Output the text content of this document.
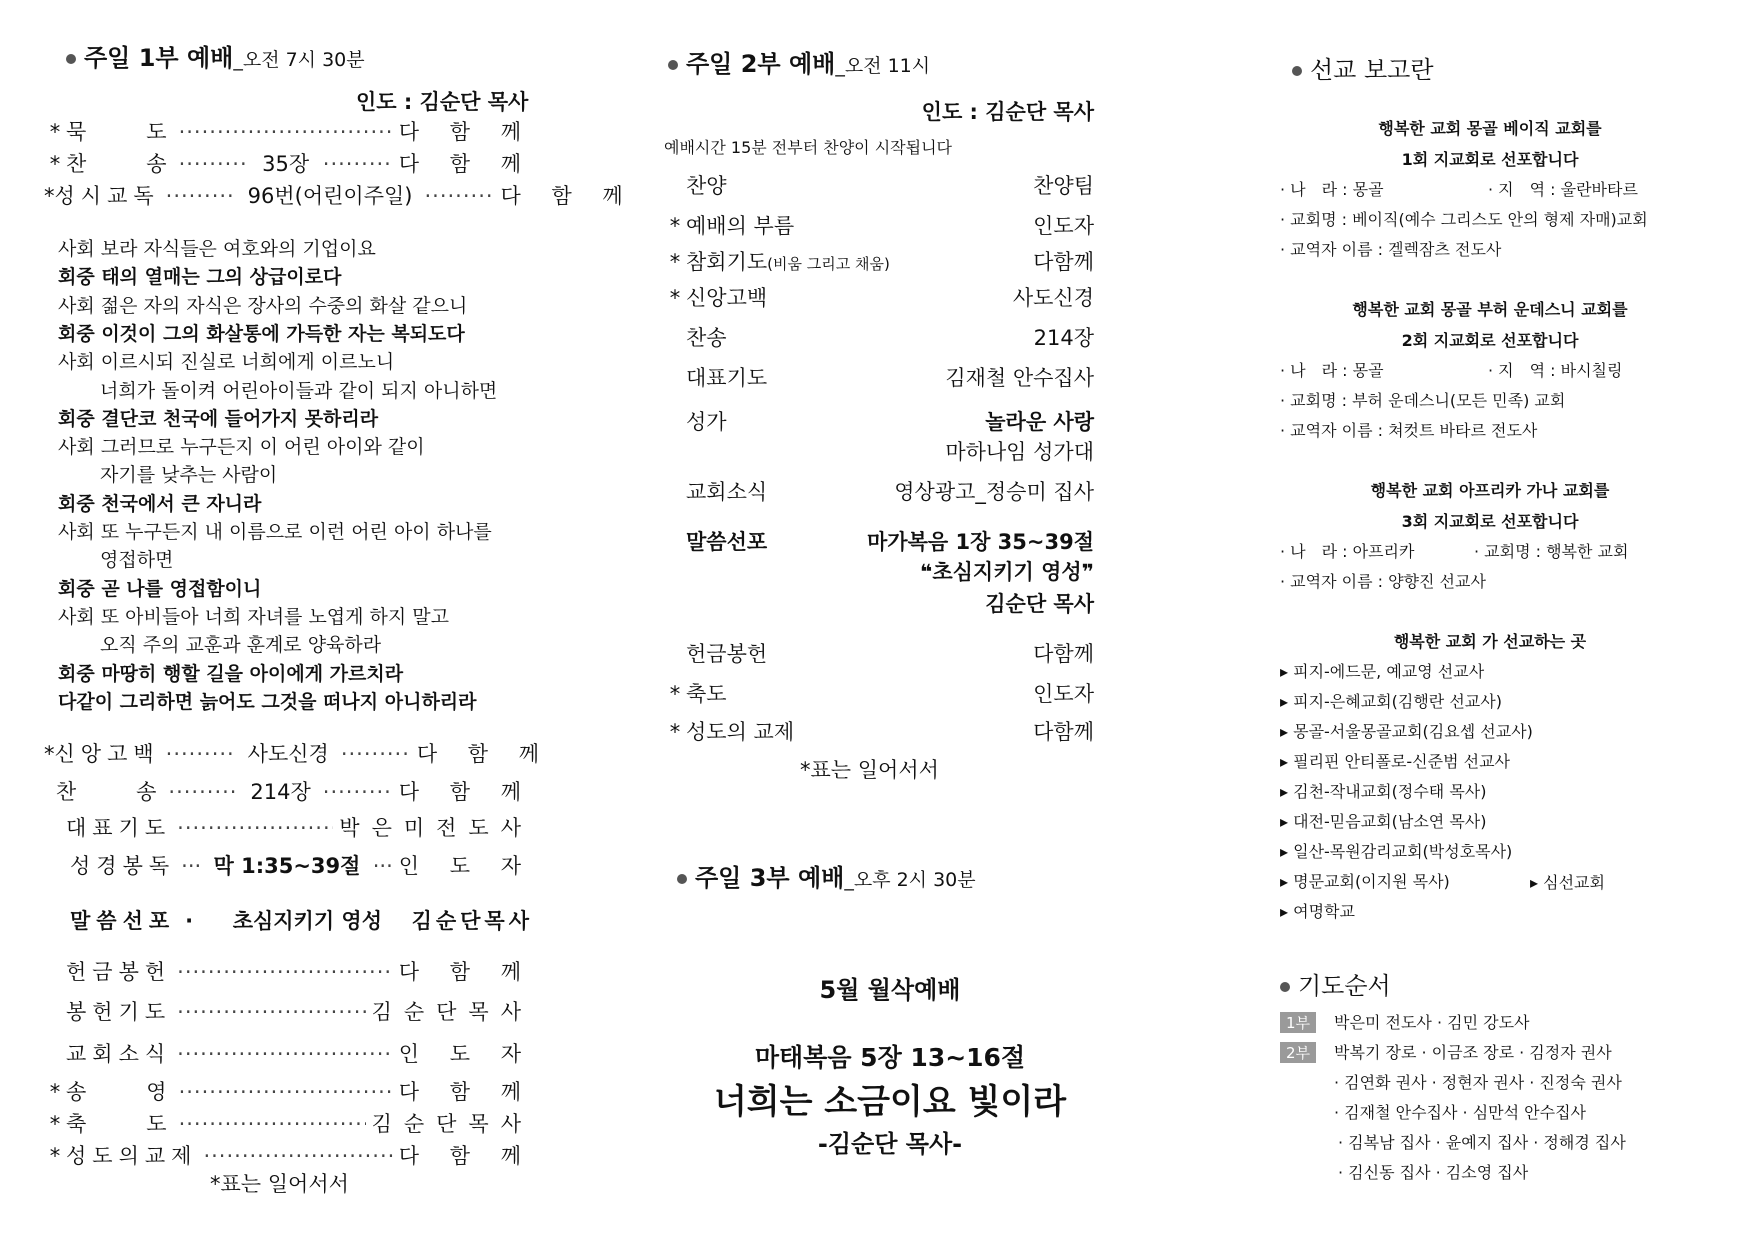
주일 1부 예배_오전 7시 30분
인도 : 김순단 목사
* 묵　　도 ·····	다 함 께
* 찬　　송 ·····	35장 ·····	다 함 께
* 성시교독 ·····	96번(어린이주일) ·····	다 함 께
사회 보라 자식들은 여호와의 기업이요
회중 태의 열매는 그의 상급이로다
사회 젊은 자의 자식은 장사의 수중의 화살 같으니
회중 이것이 그의 화살통에 가득한 자는 복되도다
사회 이르시되 진실로 너희에게 이르노니
너희가 돌이켜 어린아이들과 같이 되지 아니하면
회중 결단코 천국에 들어가지 못하리라
사회 그러므로 누구든지 이 어린 아이와 같이
자기를 낮추는 사람이
회중 천국에서 큰 자니라
사회 또 누구든지 내 이름으로 이런 어린 아이 하나를
영접하면
회중 곧 나를 영접함이니
사회 또 아비들아 너희 자녀를 노엽게 하지 말고
오직 주의 교훈과 훈계로 양육하라
회중 마땅히 행할 길을 아이에게 가르치라
다같이 그리하면 늙어도 그것을 떠나지 아니하리라
* 신앙고백 ·····	사도신경 ·····	다 함 께
찬　　송 ·····	214장 ·····	다 함 께
대표기도 ·····	박은미전도사
성경봉독 ··· 막 1:35~39절 ··· 인 도 자
말씀선포 ·	초심지키기 영성	김순단목사
헌금봉헌 ·····	다 함 께
봉헌기도 ·····	김순단목사
교회소식 ·····	인 도 자
* 송　　영 ·····	다 함 께
* 축　　도 ·····	김순단목사
* 성도의교제 ·····	다 함 께
*표는 일어서서
주일 2부 예배_오전 11시
인도 : 김순단 목사
예배시간 15분 전부터 찬양이 시작됩니다
찬양	찬양팀
* 예배의 부름	인도자
* 참회기도(비움 그리고 채움)	다함께
* 신앙고백	사도신경
찬송	214장
대표기도	김재철 안수집사
성가	놀라운 사랑
마하나임 성가대
교회소식	영상광고_정승미 집사
말씀선포	마가복음 1장 35~39절
❝초심지키기 영성❞
김순단 목사
헌금봉헌	다함께
* 축도	인도자
* 성도의 교제	다함께
*표는 일어서서
주일 3부 예배_오후 2시 30분
5월 월삭예배
마태복음 5장 13~16절
너희는 소금이요 빛이라
-김순단 목사-
선교 보고란
행복한 교회 몽골 베이직 교회를
1회 지교회로 선포합니다
· 나　라 : 몽골	· 지　역 : 울란바타르
· 교회명 : 베이직(예수 그리스도 안의 형제 자매)교회
· 교역자 이름 : 겔렉잠츠 전도사
행복한 교회 몽골 부허 운데스니 교회를
2회 지교회로 선포합니다
· 나　라 : 몽골	· 지　역 : 바시칠링
· 교회명 : 부허 운데스니(모든 민족) 교회
· 교역자 이름 : 쳐컷트 바타르 전도사
행복한 교회 아프리카 가나 교회를
3회 지교회로 선포합니다
· 나　라 : 아프리카	· 교회명 : 행복한 교회
· 교역자 이름 : 양향진 선교사
행복한 교회 가 선교하는 곳
▸ 피지-에드문, 예교영 선교사
▸ 피지-은혜교회(김행란 선교사)
▸ 몽골-서울몽골교회(김요셉 선교사)
▸ 필리핀 안티폴로-신준범 선교사
▸ 김천-작내교회(정수태 목사)
▸ 대전-믿음교회(남소연 목사)
▸ 일산-목원감리교회(박성호목사)
▸ 명문교회(이지원 목사)
▸ 여명학교
▸ 심선교회
기도순서
1부 박은미 전도사 · 김민 강도사
2부 박복기 장로 · 이금조 장로 · 김정자 권사
· 김연화 권사 · 정현자 권사 · 진정숙 권사
· 김재철 안수집사 · 심만석 안수집사
· 김복남 집사 · 윤예지 집사 · 정해경 집사
· 김신동 집사 · 김소영 집사
